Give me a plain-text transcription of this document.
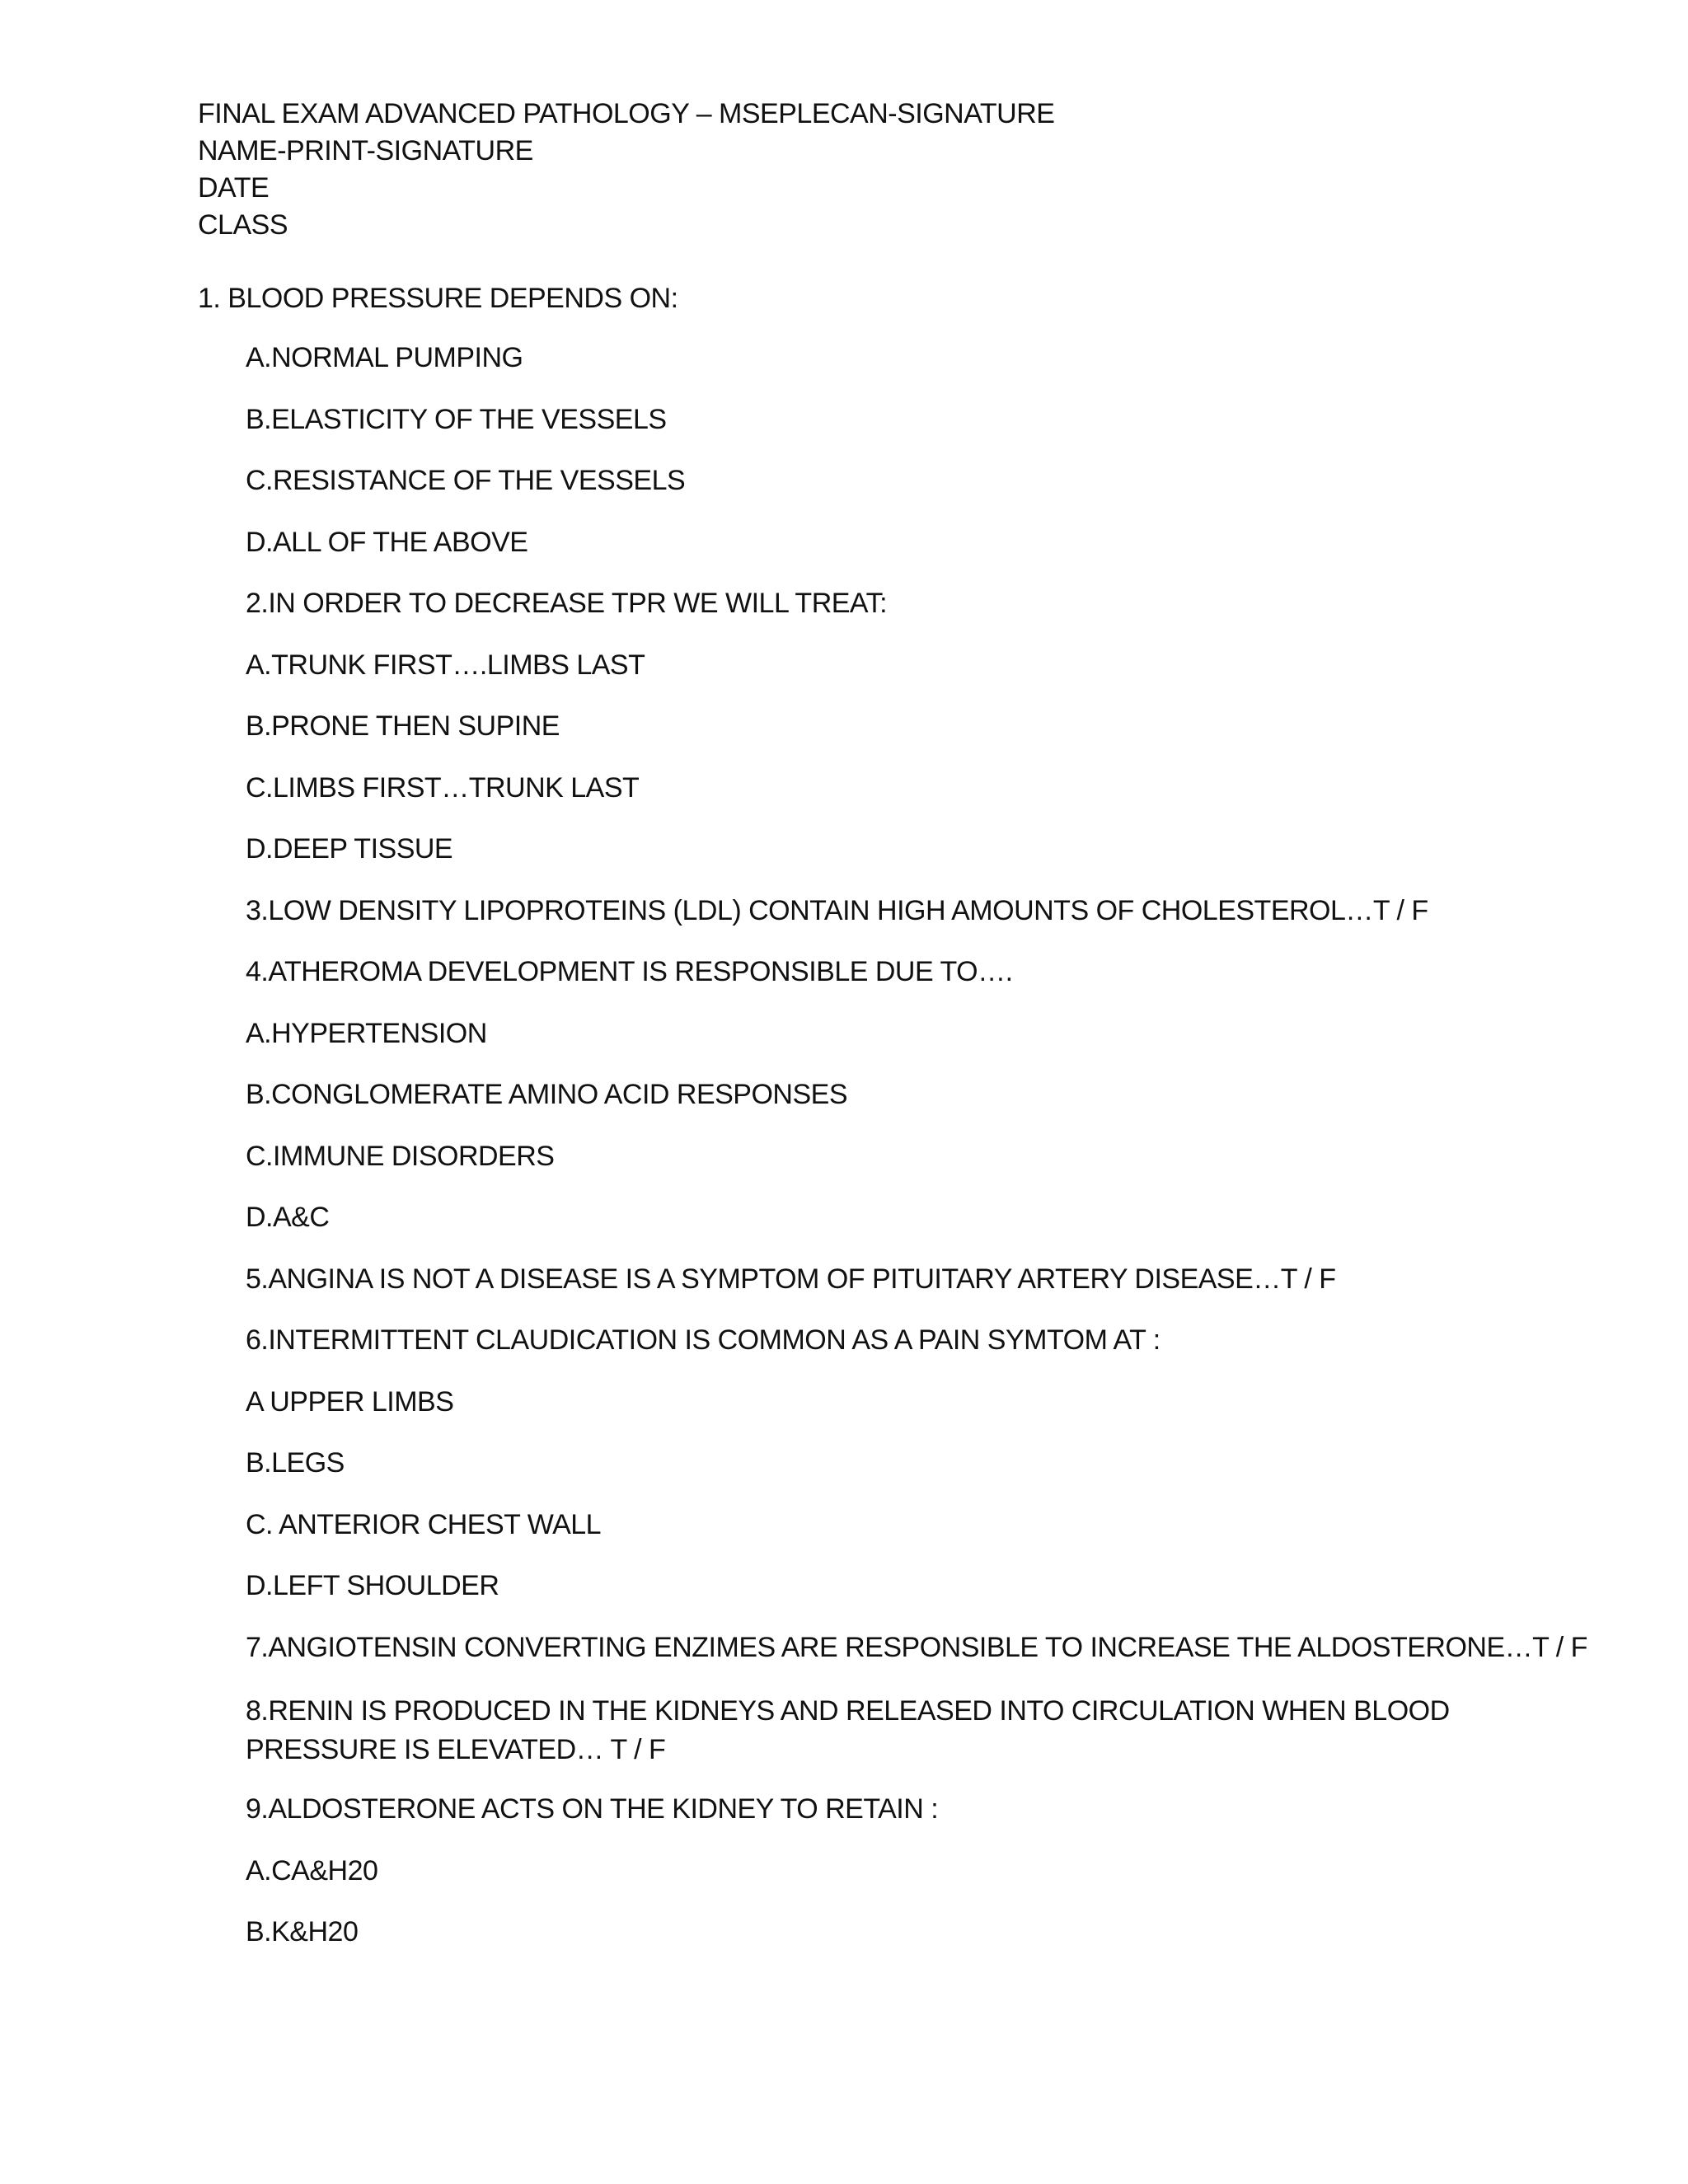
FINAL EXAM ADVANCED PATHOLOGY – MSEPLECAN-SIGNATURE
NAME-PRINT-SIGNATURE
DATE
CLASS
1. BLOOD PRESSURE DEPENDS ON:
A.NORMAL PUMPING
B.ELASTICITY OF THE VESSELS
C.RESISTANCE OF THE VESSELS
D.ALL OF THE ABOVE
2.IN ORDER TO DECREASE TPR WE WILL TREAT:
A.TRUNK FIRST….LIMBS LAST
B.PRONE THEN SUPINE
C.LIMBS FIRST…TRUNK LAST
D.DEEP TISSUE
3.LOW DENSITY LIPOPROTEINS (LDL) CONTAIN HIGH AMOUNTS OF CHOLESTEROL…T / F
4.ATHEROMA DEVELOPMENT IS RESPONSIBLE DUE TO….
A.HYPERTENSION
B.CONGLOMERATE AMINO ACID RESPONSES
C.IMMUNE DISORDERS
D.A&C
5.ANGINA IS NOT A DISEASE IS A SYMPTOM OF PITUITARY ARTERY DISEASE…T / F
6.INTERMITTENT CLAUDICATION IS COMMON AS A PAIN SYMTOM AT :
A UPPER LIMBS
B.LEGS
C. ANTERIOR CHEST WALL
D.LEFT SHOULDER
7.ANGIOTENSIN CONVERTING ENZIMES ARE RESPONSIBLE TO INCREASE THE ALDOSTERONE…T / F
8.RENIN IS PRODUCED IN THE KIDNEYS AND RELEASED INTO CIRCULATION WHEN BLOOD PRESSURE IS ELEVATED… T / F
9.ALDOSTERONE ACTS ON THE KIDNEY TO RETAIN :
A.CA&H20
B.K&H20
